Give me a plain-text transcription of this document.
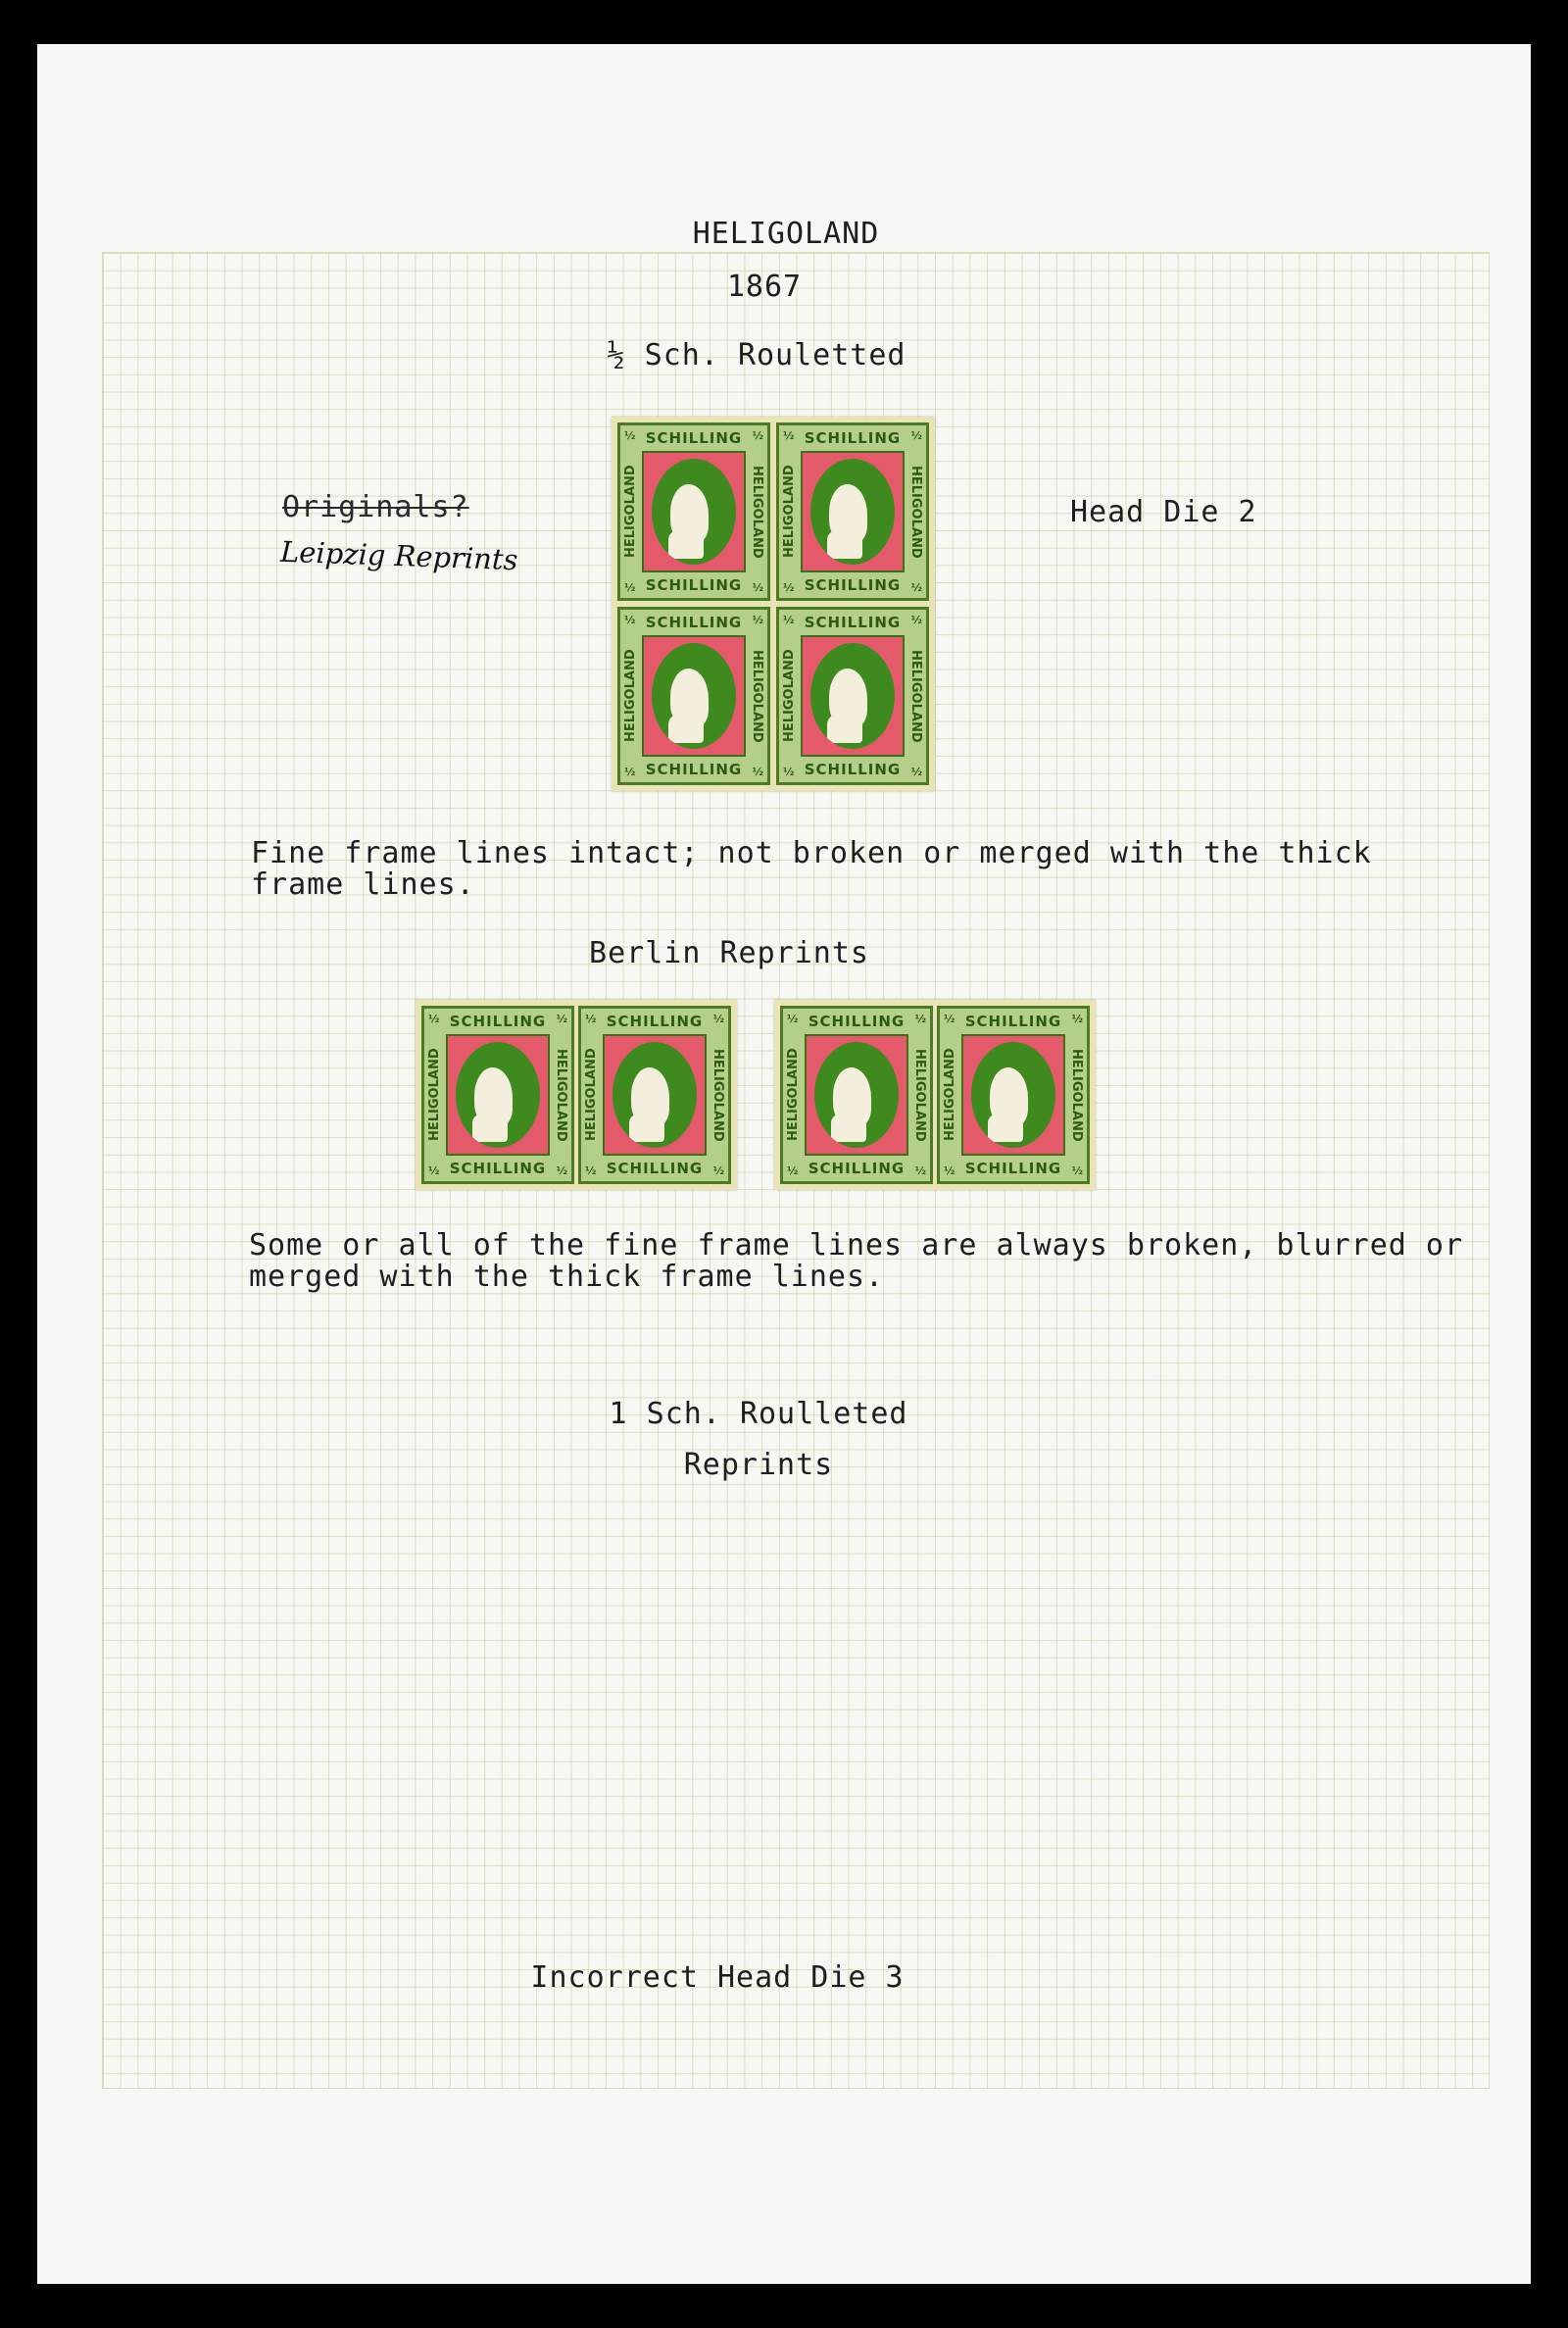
HELIGOLAND

1867

½ Sch. Rouletted

Originals?

Leipzig Reprints

Head Die 2

SCHILLING
SCHILLING
HELIGOLAND	HELIGOLAND
½	½
½	½
SCHILLING
SCHILLING
HELIGOLAND	HELIGOLAND
½	½
½	½
SCHILLING
SCHILLING
HELIGOLAND	HELIGOLAND
½	½
½	½
SCHILLING
SCHILLING
HELIGOLAND	HELIGOLAND
½	½
½	½

Fine frame lines intact; not broken or merged with the thick frame lines.

Berlin Reprints

SCHILLING
SCHILLING
HELIGOLAND	HELIGOLAND
½	½
½	½
SCHILLING
SCHILLING
HELIGOLAND	HELIGOLAND
½	½
½	½
SCHILLING
SCHILLING
HELIGOLAND	HELIGOLAND
½	½
½	½
SCHILLING
SCHILLING
HELIGOLAND	HELIGOLAND
½	½
½	½

Some or all of the fine frame lines are always broken, blurred or merged with the thick frame lines.

1 Sch. Roulleted

Reprints

Incorrect Head Die 3
